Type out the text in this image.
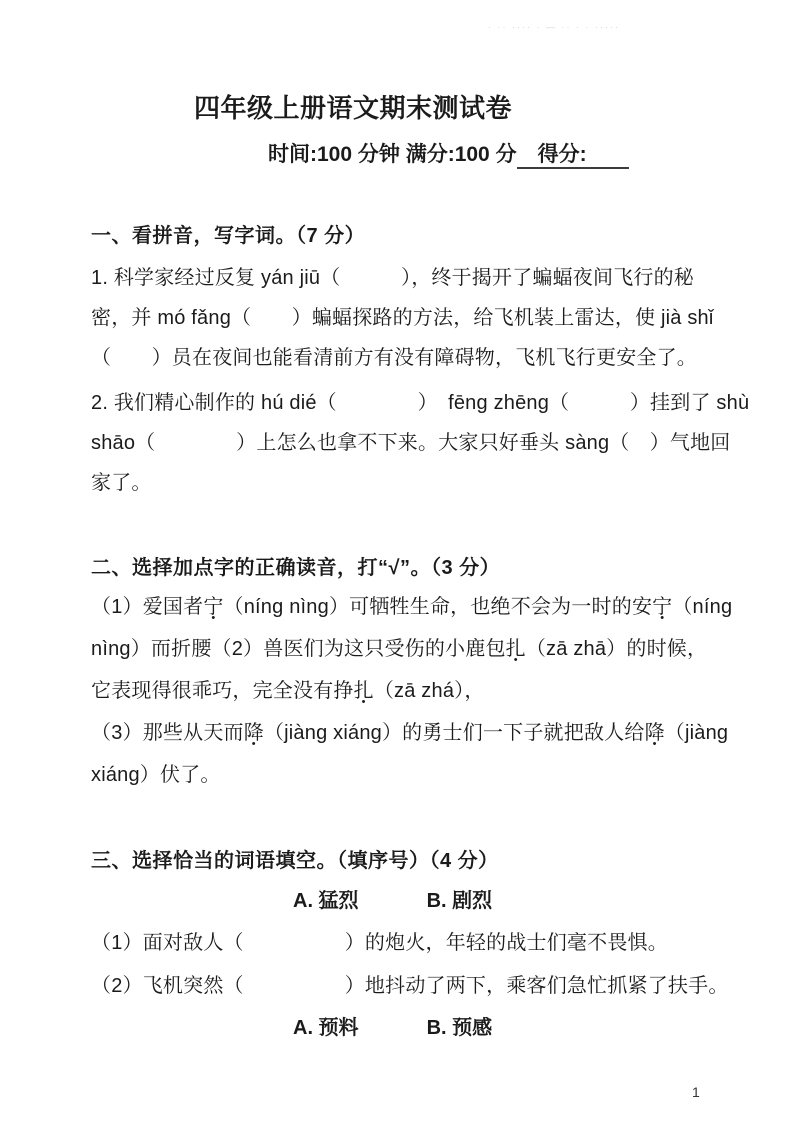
· ·· ···· · — ·· · · ·····
四年级上册语文期末测试卷
时间:100 分钟 满分:100 分　得分:　　
一、看拼音，写字词。（7 分）
1. 科学家经过反复 yán jiū（　　　），终于揭开了蝙蝠夜间飞行的秘
密，并 mó fǎng（　　）蝙蝠探路的方法，给飞机装上雷达，使 jià shǐ
（　　）员在夜间也能看清前方有没有障碍物，飞机飞行更安全了。
2. 我们精心制作的 hú dié（　　　　）　fēng zhēng（　　　）挂到了 shù
shāo（　　　　）上怎么也拿不下来。大家只好垂头 sàng（　）气地回
家了。
二、选择加点字的正确读音，打“√”。（3 分）
（1）爱国者宁（níng nìng）可牺牲生命，也绝不会为一时的安宁（níng
nìng）而折腰（2）兽医们为这只受伤的小鹿包扎（zā zhā）的时候，
它表现得很乖巧，完全没有挣扎（zā zhá），
（3）那些从天而降（jiàng xiáng）的勇士们一下子就把敌人给降（jiàng
xiáng）伏了。
三、选择恰当的词语填空。（填序号）（4 分）
A. 猛烈	B. 剧烈
（1）面对敌人（　　　　　）的炮火，年轻的战士们毫不畏惧。
（2）飞机突然（　　　　　）地抖动了两下，乘客们急忙抓紧了扶手。
A. 预料	B. 预感
1
